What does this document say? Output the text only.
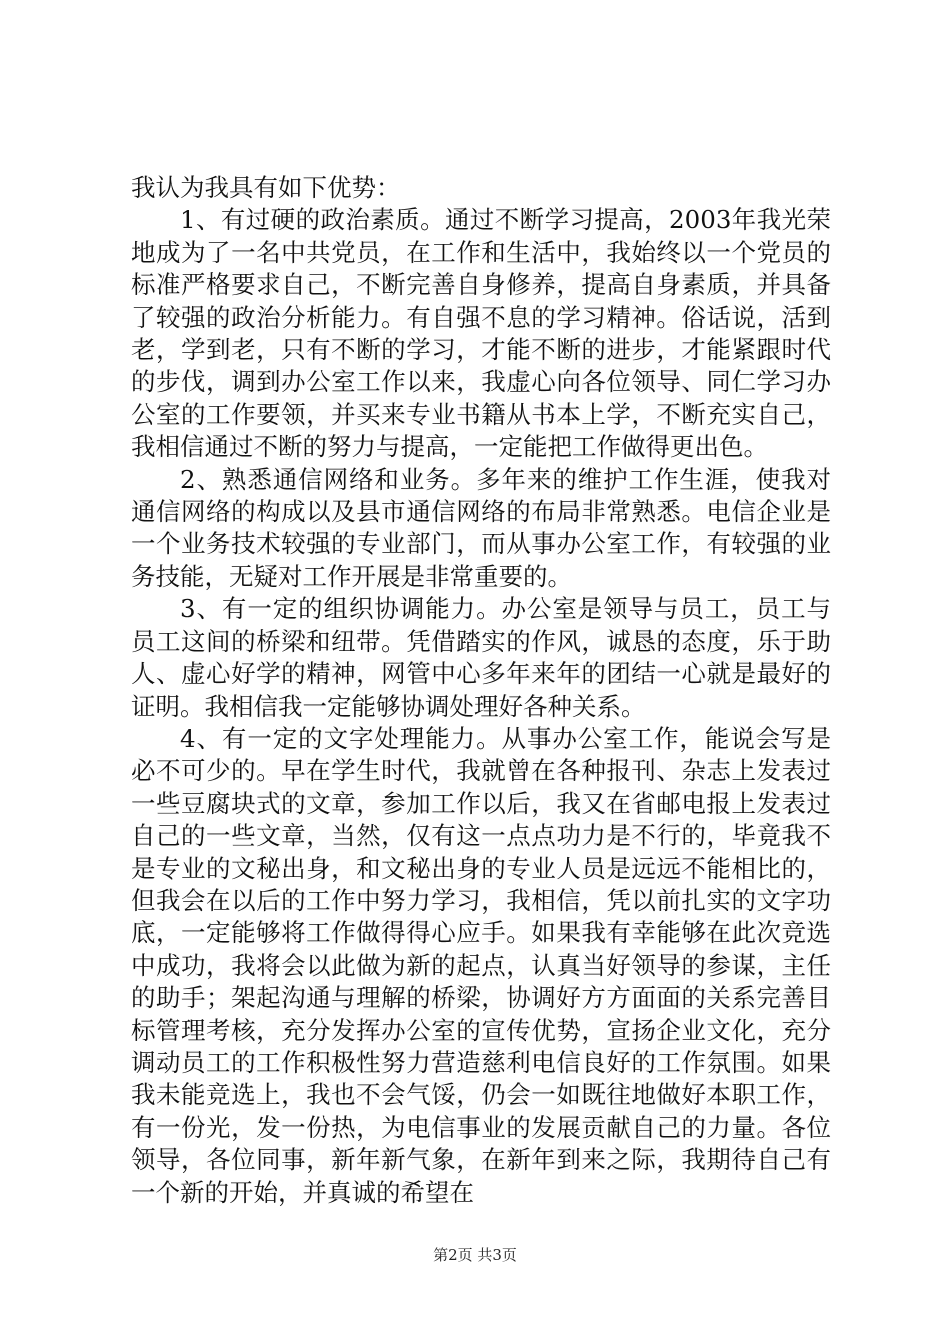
我认为我具有如下优势：

1、有过硬的政治素质。通过不断学习提高，2003年我光荣地成为了一名中共党员，在工作和生活中，我始终以一个党员的标准严格要求自己，不断完善自身修养，提高自身素质，并具备了较强的政治分析能力。有自强不息的学习精神。俗话说，活到老，学到老，只有不断的学习，才能不断的进步，才能紧跟时代的步伐，调到办公室工作以来，我虚心向各位领导、同仁学习办公室的工作要领，并买来专业书籍从书本上学，不断充实自己，我相信通过不断的努力与提高，一定能把工作做得更出色。

2、熟悉通信网络和业务。多年来的维护工作生涯，使我对通信网络的构成以及县市通信网络的布局非常熟悉。电信企业是一个业务技术较强的专业部门，而从事办公室工作，有较强的业务技能，无疑对工作开展是非常重要的。

3、有一定的组织协调能力。办公室是领导与员工，员工与员工这间的桥梁和纽带。凭借踏实的作风，诚恳的态度，乐于助人、虚心好学的精神，网管中心多年来年的团结一心就是最好的证明。我相信我一定能够协调处理好各种关系。

4、有一定的文字处理能力。从事办公室工作，能说会写是必不可少的。早在学生时代，我就曾在各种报刊、杂志上发表过一些豆腐块式的文章，参加工作以后，我又在省邮电报上发表过自己的一些文章，当然，仅有这一点点功力是不行的，毕竟我不是专业的文秘出身，和文秘出身的专业人员是远远不能相比的，但我会在以后的工作中努力学习，我相信，凭以前扎实的文字功底，一定能够将工作做得得心应手。如果我有幸能够在此次竞选中成功，我将会以此做为新的起点，认真当好领导的参谋，主任的助手；架起沟通与理解的桥梁，协调好方方面面的关系完善目标管理考核，充分发挥办公室的宣传优势，宣扬企业文化，充分调动员工的工作积极性努力营造慈利电信良好的工作氛围。如果我未能竞选上，我也不会气馁，仍会一如既往地做好本职工作，有一份光，发一份热，为电信事业的发展贡献自己的力量。各位领导，各位同事，新年新气象，在新年到来之际，我期待自己有一个新的开始，并真诚的希望在

第2页 共3页
